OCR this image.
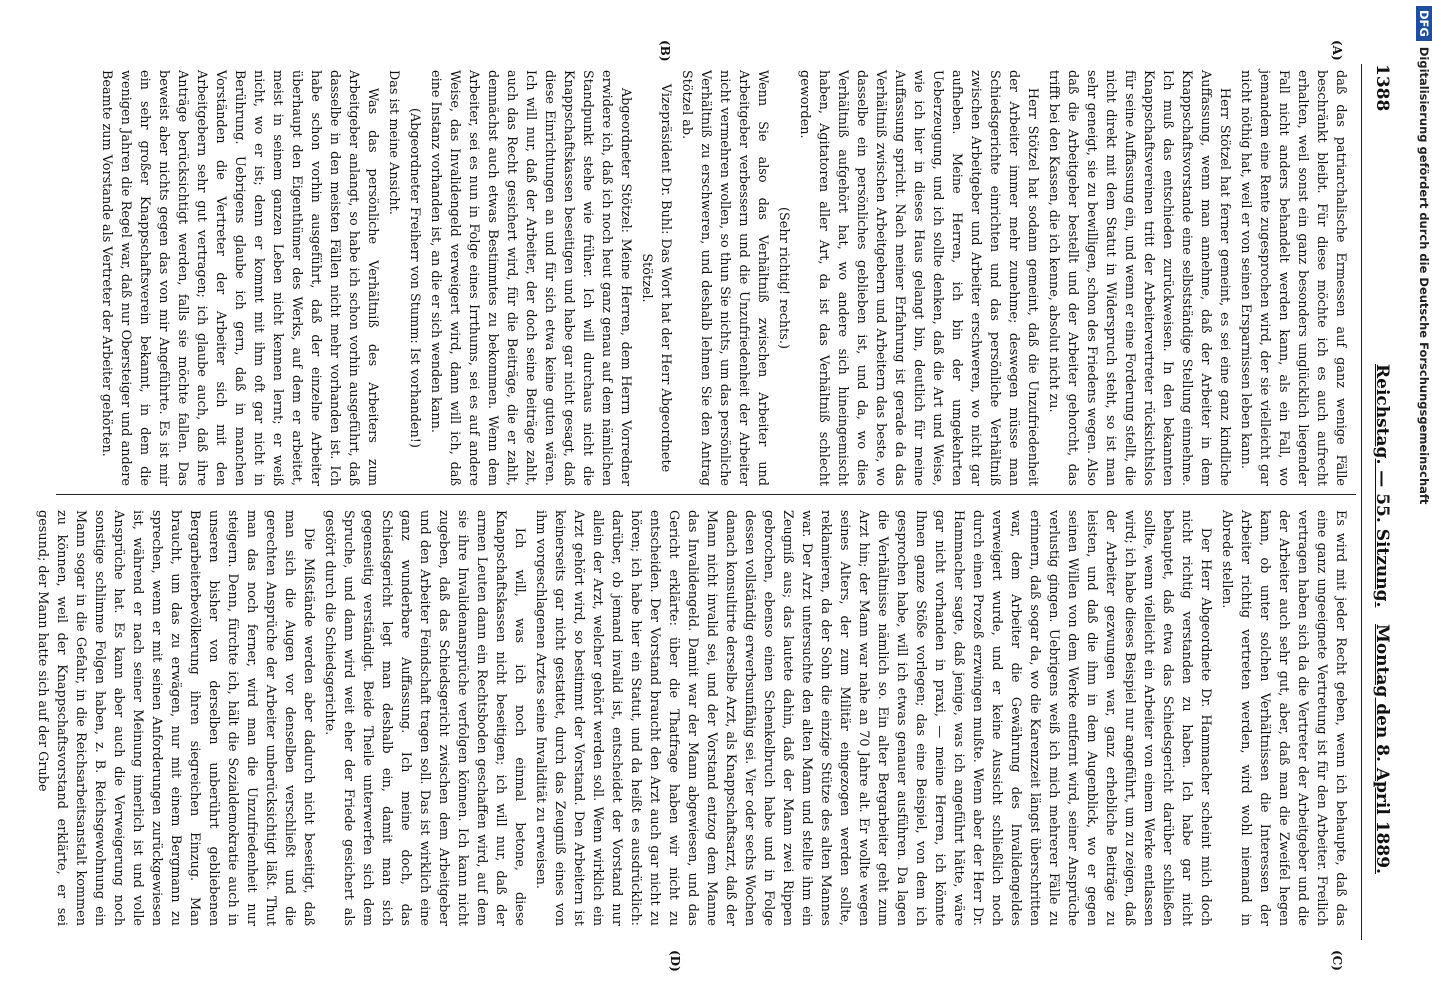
1388
Reichstag. — 55. Sitzung.
Montag den 8. April 1889.
(A)
(B)
(C)
(D)

daß das patriarchalische Ermessen auf ganz wenige Fälle beschränkt bleibt. Für diese möchte ich es auch aufrecht erhalten, weil sonst ein ganz besonders unglücklich liegender Fall nicht anders behandelt werden kann, als ein Fall, wo jemandem eine Rente zugesprochen wird, der sie vielleicht gar nicht nöthig hat, weil er von seinen Ersparnissen leben kann.

Herr Stötzel hat ferner gemeint, es sei eine ganz kindliche Auffassung, wenn man annehme, daß der Arbeiter in dem Knappschaftsvorstande eine selbstständige Stellung einnehme. Ich muß das entschieden zurückweisen. In den bekannten Knappschaftsvereinen tritt der Arbeitervertreter rücksichtslos für seine Auffassung ein, und wenn er eine Forderung stellt, die nicht direkt mit dem Statut in Widerspruch steht, so ist man sehr geneigt, sie zu bewilligen, schon des Friedens wegen. Also daß die Arbeitgeber bestellt und der Arbeiter gehorcht, das trifft bei den Kassen, die ich kenne, absolut nicht zu.

Herr Stötzel hat sodann gemeint, daß die Unzufriedenheit der Arbeiter immer mehr zunehme; deswegen müsse man Schiedsgerichte einrichten und das persönliche Verhältniß zwischen Arbeitgeber und Arbeiter erschweren, wo nicht gar aufheben. Meine Herren, ich bin der umgekehrten Ueberzeugung, und ich sollte denken, daß die Art und Weise, wie ich hier in dieses Haus gelangt bin, deutlich für meine Auffassung spricht. Nach meiner Erfahrung ist gerade da das Verhältniß zwischen Arbeitgebern und Arbeitern das beste, wo dasselbe ein persönliches geblieben ist, und da, wo dies Verhältniß aufgehört hat, wo andere sich hineingemischt haben, Agitatoren aller Art, da ist das Verhältniß schlecht geworden.

(Sehr richtig! rechts.)

Wenn Sie also das Verhältniß zwischen Arbeiter und Arbeitgeber verbessern und die Unzufriedenheit der Arbeiter nicht vermehren wollen, so thun Sie nichts, um das persönliche Verhältniß zu erschweren, und deshalb lehnen Sie den Antrag Stötzel ab.

Vizepräsident Dr. Buhl: Das Wort hat der Herr Abgeordnete Stötzel.

Abgeordneter Stötzel: Meine Herren, dem Herrn Vorredner erwidere ich, daß ich noch heut ganz genau auf dem nämlichen Standpunkt stehe wie früher. Ich will durchaus nicht die Knappschaftskassen beseitigen und habe gar nicht gesagt, daß diese Einrichtungen an und für sich etwa keine guten wären. Ich will nur, daß der Arbeiter, der doch seine Beiträge zahlt, auch das Recht gesichert wird, für die Beiträge, die er zahlt, demnächst auch etwas Bestimmtes zu bekommen. Wenn dem Arbeiter, sei es nun in Folge eines Irrthums, sei es auf andere Weise, das Invalidengeld verweigert wird, dann will ich, daß eine Instanz vorhanden ist, an die er sich wenden kann.

(Abgeordneter Freiherr von Stumm: Ist vorhanden!)

Das ist meine Ansicht.

Was das persönliche Verhältniß des Arbeiters zum Arbeitgeber anlangt, so habe ich schon vorhin ausgeführt, daß dasselbe in den meisten Fällen nicht mehr vorhanden ist. Ich habe schon vorhin ausgeführt, daß der einzelne Arbeiter überhaupt den Eigenthümer des Werks, auf dem er arbeitet, meist in seinem ganzen Leben nicht kennen lernt; er weiß nicht, wo er ist; denn er kommt mit ihm oft gar nicht in Berührung. Uebrigens glaube ich gern, daß in manchen Vorständen die Vertreter der Arbeiter sich mit den Arbeitgebern sehr gut vertragen; ich glaube auch, daß ihre Anträge berücksichtigt werden, falls sie möchte fallen. Das beweist aber nichts gegen das von mir Angeführte. Es ist mir ein sehr großer Knappschaftsverein bekannt, in dem die wenigen Jahren die Regel war, daß nur Obersteiger und andere Beamte zum Vorstande als Vertreter der Arbeiter gehörten.

Es wird mit jeder Recht geben, wenn ich behaupte, daß das eine ganz ungeeignete Vertretung ist für den Arbeiter. Freilich vertragen haben sich da die Vertreter der Arbeitgeber und die der Arbeiter auch sehr gut, aber, daß man die Zweifel hegen kann, ob unter solchen Verhältnissen die Interessen der Arbeiter richtig vertreten werden, wird wohl niemand in Abrede stellen.

Der Herr Abgeordnete Dr. Hammacher scheint mich doch nicht richtig verstanden zu haben. Ich habe gar nicht behauptet, daß etwa das Schiedsgericht darüber schließen sollte, wenn vielleicht ein Arbeiter von einem Werke entlassen wird; ich habe dieses Beispiel nur angeführt, um zu zeigen, daß der Arbeiter gezwungen war, ganz erhebliche Beiträge zu leisten, und daß die ihm in dem Augenblick, wo er gegen seinen Willen von dem Werke entfernt wird, seiner Ansprüche verlustig gingen. Uebrigens weiß ich mich mehrerer Fälle zu erinnern, daß sogar da, wo die Karenzzeit längst überschritten war, dem Arbeiter die Gewährung des Invalidengeldes verweigert wurde, und er keine Aussicht schließlich noch durch einen Prozeß erzwingen mußte. Wenn aber der Herr Dr. Hammacher sagte, daß jenige, was ich angeführt hätte, wäre gar nicht vorhanden in praxi, — meine Herren, ich könnte Ihnen ganze Stöße vorlegen; das eine Beispiel, von dem ich gesprochen habe, will ich etwas genauer ausführen. Da lagen die Verhältnisse nämlich so. Ein alter Bergarbeiter geht zum Arzt hin; der Mann war nahe an 70 Jahre alt. Er wollte wegen seines Alters, der zum Militär eingezogen werden sollte, reklamieren, da der Sohn die einzige Stütze des alten Mannes war. Der Arzt untersuchte den alten Mann und stellte ihm ein Zeugniß aus; das lautete dahin, daß der Mann zwei Rippen gebrochen, ebenso einen Schenkelbruch habe und in Folge dessen vollständig erwerbsunfähig sei. Vier oder sechs Wochen danach konsultirte derselbe Arzt, als Knappschaftsarzt, daß der Mann nicht invalid sei, und der Vorstand entzog dem Manne das Invalidengeld. Damit war der Mann abgewiesen, und das Gericht erklärte: über die Thatfrage haben wir nicht zu entscheiden. Der Vorstand braucht den Arzt auch gar nicht zu hören; ich habe hier ein Statut, und da heißt es ausdrücklich: darüber, ob jemand invalid ist, entscheidet der Vorstand nur allein der Arzt, welcher gehört werden soll. Wenn wirklich ein Arzt gehört wird, so bestimmt der Vorstand. Den Arbeitern ist keinerseits gar nicht gestattet, durch das Zeugniß eines von ihm vorgeschlagenen Arztes seine Invalidität zu erweisen.

Ich will, was ich noch einmal betone, diese Knappschaftskassen nicht beseitigen; ich will nur, daß der armen Leuten dann ein Rechtsboden geschaffen wird, auf dem sie ihre Invalidenansprüche verfolgen können. Ich kann nicht zugeben, daß das Schiedsgericht zwischen dem Arbeitgeber und den Arbeiter Feindschaft tragen soll. Das ist wirklich eine ganz wunderbare Auffassung. Ich meine doch, das Schiedsgericht legt man deshalb ein, damit man sich gegenseitig verständigt. Beide Theile unterwerfen sich dem Spruche, und dann wird weit eher der Friede gesichert als gestört durch die Schiedsgerichte.

Die Mißstände werden aber dadurch nicht beseitigt, daß man sich die Augen vor denselben verschließt und die gerechten Ansprüche der Arbeiter unberücksichtigt läßt. Thut man das noch ferner, wird man die Unzufriedenheit nur steigern. Denn, fürchte ich, hält die Sozialdemokratie auch in unseren bisher von derselben unberührt gebliebenen Bergarbeiterbevölkerung ihren siegreichen Einzug. Man braucht, um das zu erwägen, nur mit einem Bergmann zu sprechen, wenn er mit seinen Anforderungen zurückgewiesen ist, während er nach seiner Meinung innerlich ist und volle Ansprüche hat. Es kann aber auch die Verweigerung noch sonstige schlimme Folgen haben, z. B. Reichsgewohnung ein Mann sogar in die Gefahr, in die Reichsarbeitsanstalt kommen zu können, weil der Knappschaftsvorstand erklärte, er sei gesund; der Mann hatte sich auf der Grube

DFGDigitalisierung gefördert durch die Deutsche Forschungsgemeinschaft
